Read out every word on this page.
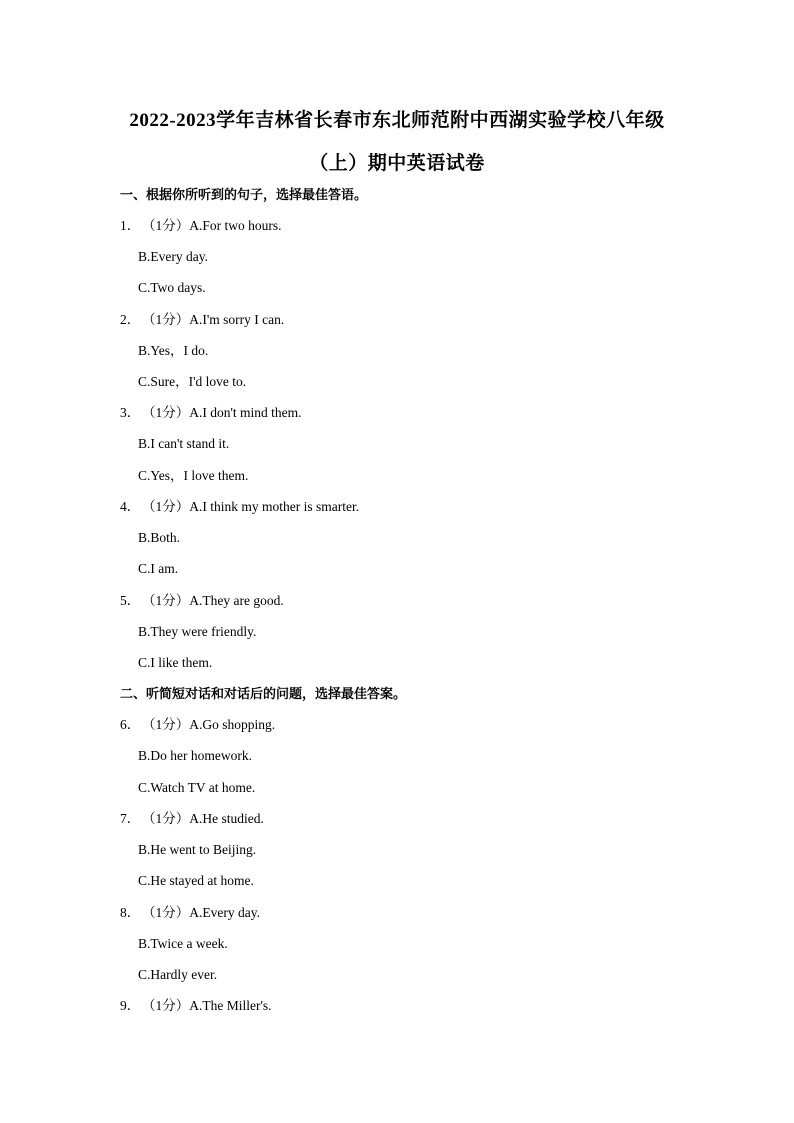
2022-2023学年吉林省长春市东北师范附中西湖实验学校八年级
（上）期中英语试卷
一、根据你所听到的句子，选择最佳答语。
1． （1分）A.For two hours.
B.Every day.
C.Two days.
2． （1分）A.I'm sorry I can.
B.Yes，I do.
C.Sure，I'd love to.
3． （1分）A.I don't mind them.
B.I can't stand it.
C.Yes，I love them.
4． （1分）A.I think my mother is smarter.
B.Both.
C.I am.
5． （1分）A.They are good.
B.They were friendly.
C.I like them.
二、听简短对话和对话后的问题，选择最佳答案。
6． （1分）A.Go shopping.
B.Do her homework.
C.Watch TV at home.
7． （1分）A.He studied.
B.He went to Beijing.
C.He stayed at home.
8． （1分）A.Every day.
B.Twice a week.
C.Hardly ever.
9． （1分）A.The Miller's.
